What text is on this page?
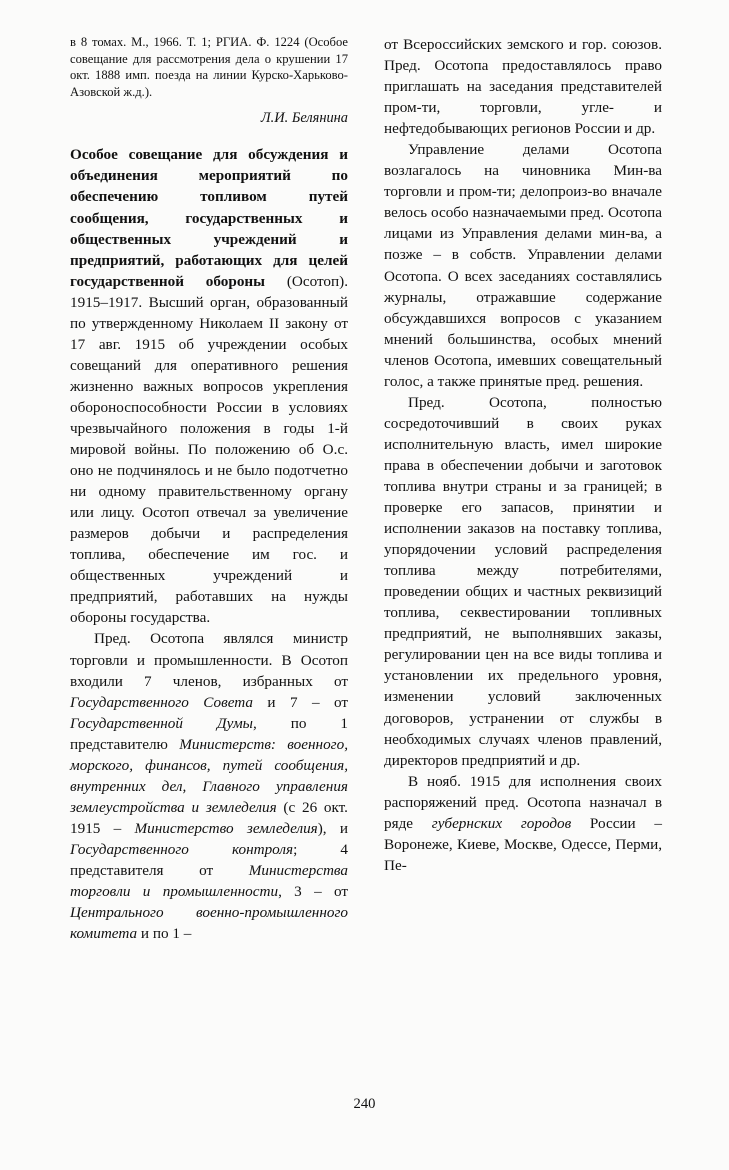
в 8 томах. М., 1966. Т. 1; РГИА. Ф. 1224 (Особое совещание для рассмотрения дела о крушении 17 окт. 1888 имп. поезда на линии Курско-Харьково-Азовской ж.д.).

Л.И. Белянина

Особое совещание для обсуждения и объединения мероприятий по обеспечению топливом путей сообщения, государственных и общественных учреждений и предприятий, работающих для целей государственной обороны (Осотоп). 1915–1917. Высший орган, образованный по утвержденному Николаем II закону от 17 авг. 1915 об учреждении особых совещаний для оперативного решения жизненно важных вопросов укрепления обороноспособности России в условиях чрезвычайного положения в годы 1-й мировой войны. По положению об О.с. оно не подчинялось и не было подотчетно ни одному правительственному органу или лицу. Осотоп отвечал за увеличение размеров добычи и распределения топлива, обеспечение им гос. и общественных учреждений и предприятий, работавших на нужды обороны государства.

Пред. Осотопа являлся министр торговли и промышленности. В Осотоп входили 7 членов, избранных от Государственного Совета и 7 – от Государственной Думы, по 1 представителю Министерств: военного, морского, финансов, путей сообщения, внутренних дел, Главного управления землеустройства и земледелия (с 26 окт. 1915 – Министерство земледелия), и Государственного контроля; 4 представителя от Министерства торговли и промышленности, 3 – от Центрального военно-промышленного комитета и по 1 –

от Всероссийских земского и гор. союзов. Пред. Осотопа предоставлялось право приглашать на заседания представителей пром-ти, торговли, угле- и нефтедобывающих регионов России и др.

Управление делами Осотопа возлагалось на чиновника Мин-ва торговли и пром-ти; делопроиз-во вначале велось особо назначаемыми пред. Осотопа лицами из Управления делами мин-ва, а позже – в собств. Управлении делами Осотопа. О всех заседаниях составлялись журналы, отражавшие содержание обсуждавшихся вопросов с указанием мнений большинства, особых мнений членов Осотопа, имевших совещательный голос, а также принятые пред. решения.

Пред. Осотопа, полностью сосредоточивший в своих руках исполнительную власть, имел широкие права в обеспечении добычи и заготовок топлива внутри страны и за границей; в проверке его запасов, принятии и исполнении заказов на поставку топлива, упорядочении условий распределения топлива между потребителями, проведении общих и частных реквизиций топлива, секвестировании топливных предприятий, не выполнявших заказы, регулировании цен на все виды топлива и установлении их предельного уровня, изменении условий заключенных договоров, устранении от службы в необходимых случаях членов правлений, директоров предприятий и др.

В нояб. 1915 для исполнения своих распоряжений пред. Осотопа назначал в ряде губернских городов России – Воронеже, Киеве, Москве, Одессе, Перми, Пе-

240
